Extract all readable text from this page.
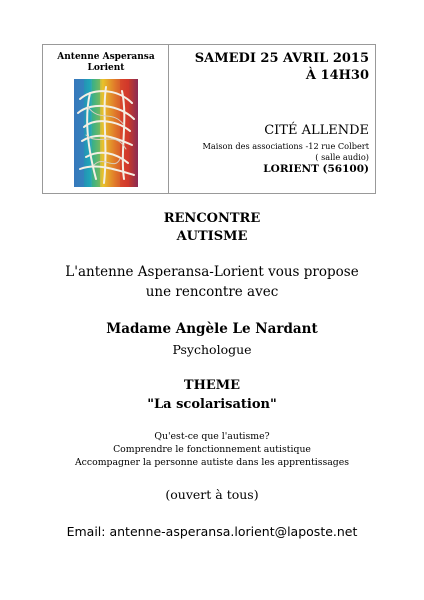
Antenne Asperansa
Lorient
SAMEDI 25 AVRIL 2015
À 14H30
CITÉ ALLENDE
Maison des associations -12 rue Colbert
( salle audio)
LORIENT (56100)
RENCONTRE
AUTISME
L'antenne Asperansa-Lorient vous propose
une rencontre avec
Madame Angèle Le Nardant
Psychologue
THEME
"La scolarisation"
Qu'est-ce que l'autisme?
Comprendre le fonctionnement autistique
Accompagner la personne autiste dans les apprentissages
(ouvert à tous)
Email: antenne-asperansa.lorient@laposte.net
